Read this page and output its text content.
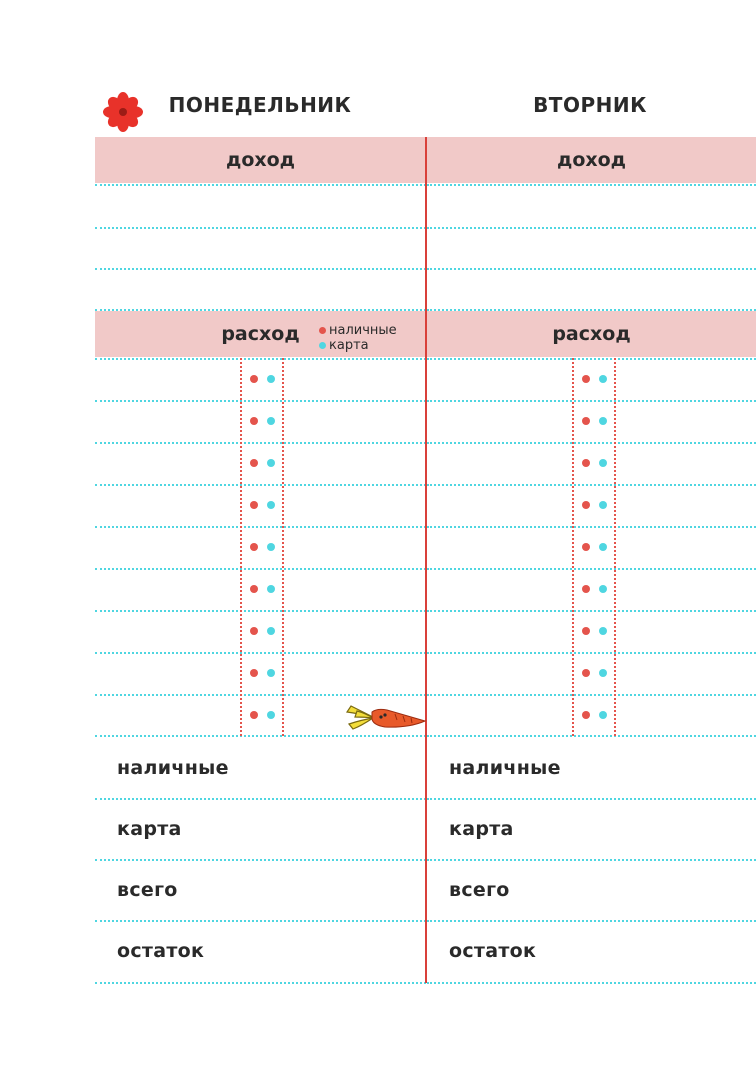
ПОНЕДЕЛЬНИК	ВТОРНИК
доход
расход наличные
карта
наличные
карта
всего
остаток
доход
расход
наличные
карта
всего
остаток
